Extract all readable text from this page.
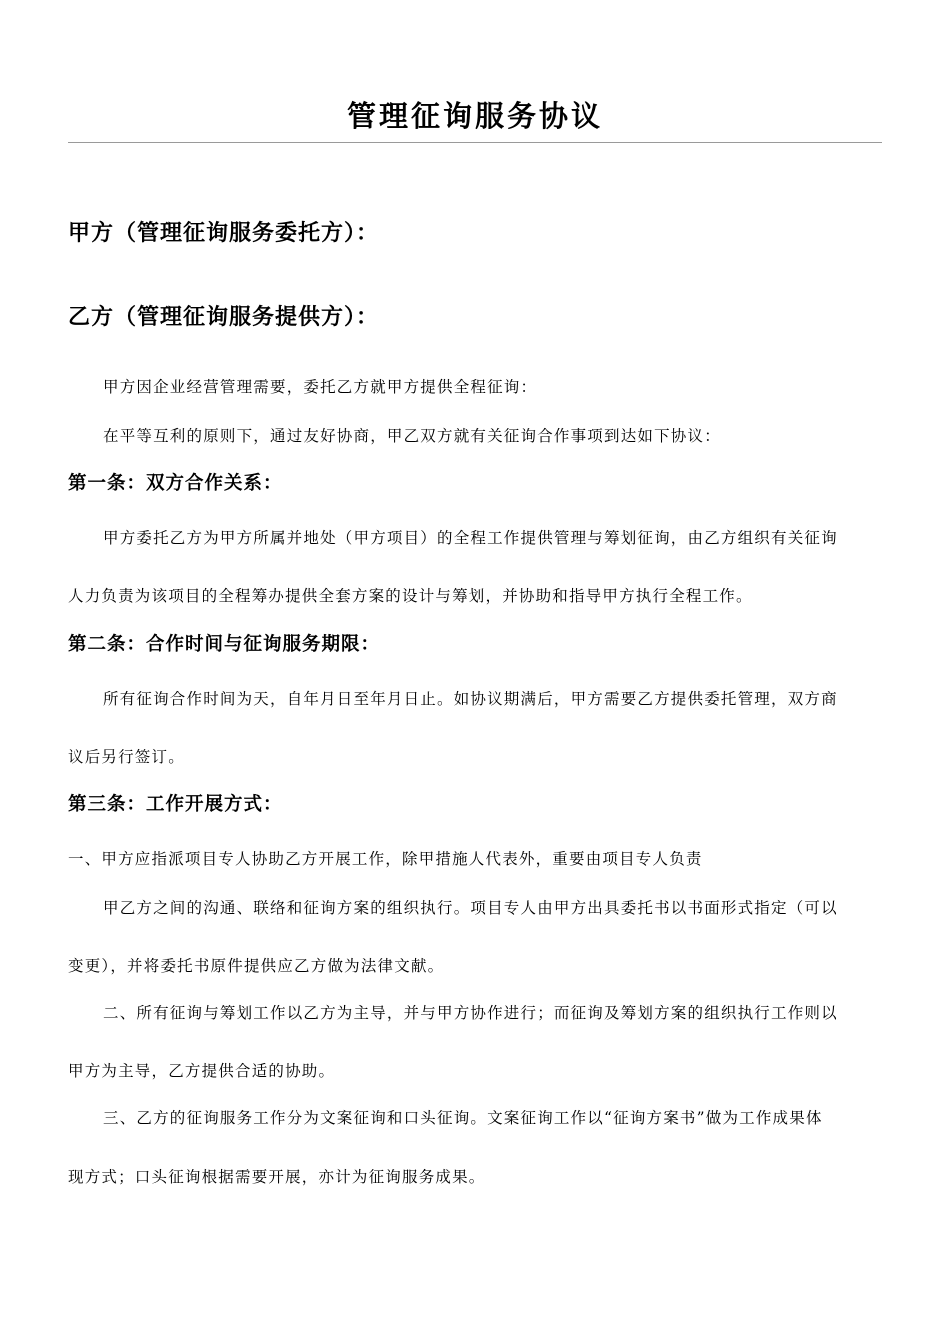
管理征询服务协议

甲方（管理征询服务委托方）：

乙方（管理征询服务提供方）：

甲方因企业经营管理需要，委托乙方就甲方提供全程征询：

在平等互利的原则下，通过友好协商，甲乙双方就有关征询合作事项到达如下协议：

第一条：双方合作关系：

甲方委托乙方为甲方所属并地处（甲方项目）的全程工作提供管理与筹划征询，由乙方组织有关征询

人力负责为该项目的全程筹办提供全套方案的设计与筹划，并协助和指导甲方执行全程工作。

第二条：合作时间与征询服务期限：

所有征询合作时间为天，自年月日至年月日止。如协议期满后，甲方需要乙方提供委托管理，双方商

议后另行签订。

第三条：工作开展方式：

一、甲方应指派项目专人协助乙方开展工作，除甲措施人代表外，重要由项目专人负责

甲乙方之间的沟通、联络和征询方案的组织执行。项目专人由甲方出具委托书以书面形式指定（可以

变更），并将委托书原件提供应乙方做为法律文献。

二、所有征询与筹划工作以乙方为主导，并与甲方协作进行；而征询及筹划方案的组织执行工作则以

甲方为主导，乙方提供合适的协助。

三、乙方的征询服务工作分为文案征询和口头征询。文案征询工作以“征询方案书”做为工作成果体

现方式；口头征询根据需要开展，亦计为征询服务成果。
